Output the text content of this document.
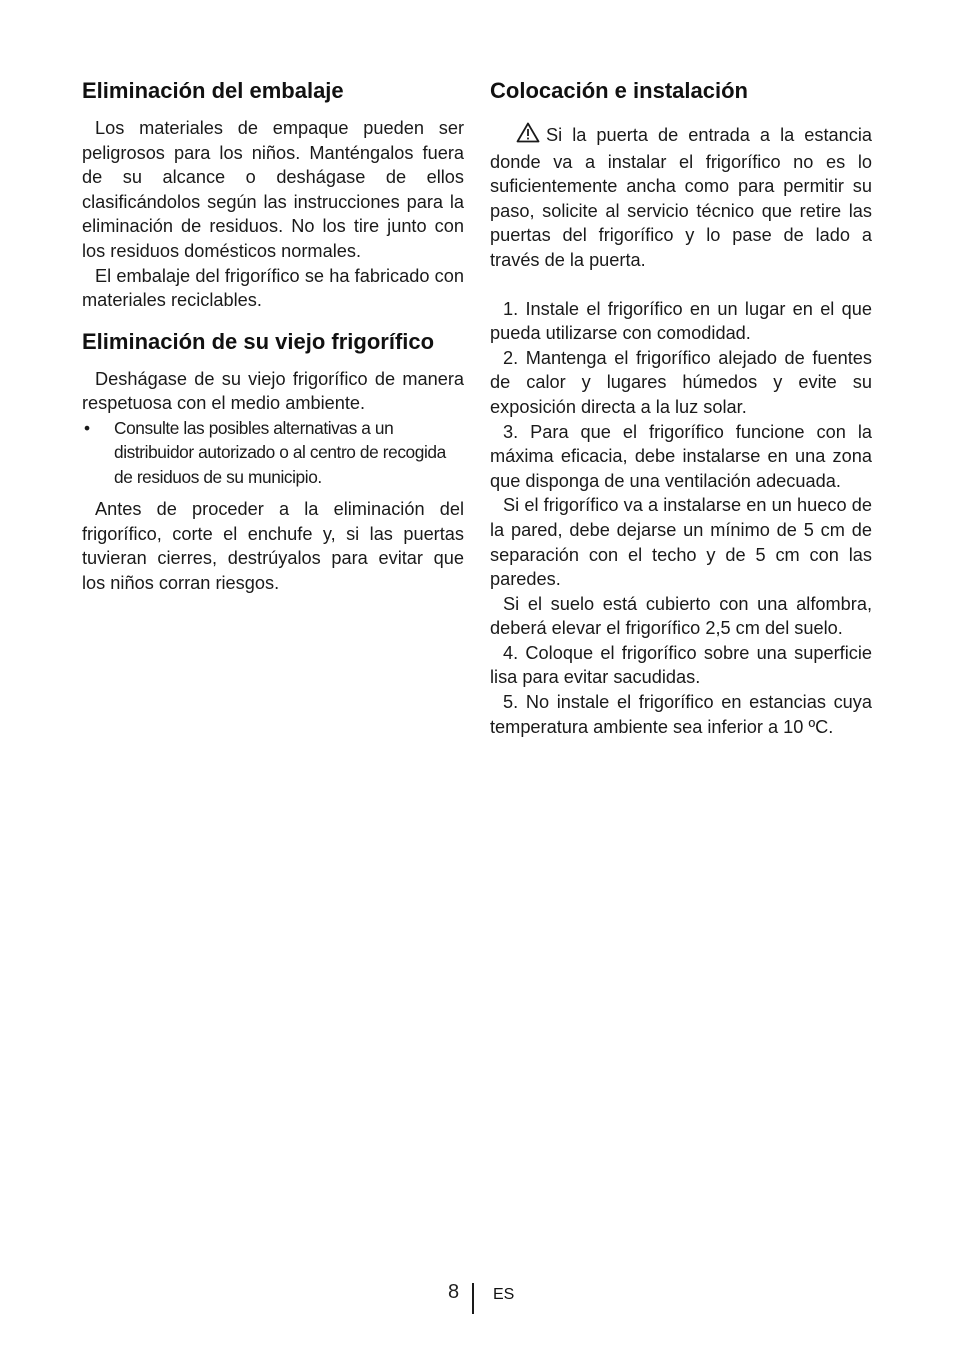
Eliminación del embalaje

Los materiales de empaque pueden ser peligrosos para los niños. Manténgalos fuera de su alcance o deshágase de ellos clasificándolos según las instrucciones para la eliminación de residuos. No los tire junto con los residuos domésticos normales.

El embalaje del frigorífico se ha fabricado con materiales reciclables.

Eliminación de su viejo frigorífico

Deshágase de su viejo frigorífico de manera respetuosa con el medio ambiente.

• Consulte las posibles alternativas a un distribuidor autorizado o al centro de recogida de residuos de su municipio.

Antes de proceder a la eliminación del frigorífico, corte el enchufe y, si las puertas tuvieran cierres, destrúyalos para evitar que los niños corran riesgos.

Colocación e instalación

Si la puerta de entrada a la estancia donde va a instalar el frigorífico no es lo suficientemente ancha como para permitir su paso, solicite al servicio técnico que retire las puertas del frigorífico y lo pase de lado a través de la puerta.

1. Instale el frigorífico en un lugar en el que pueda utilizarse con comodidad.

2. Mantenga el frigorífico alejado de fuentes de calor y lugares húmedos y evite su exposición directa a la luz solar.

3. Para que el frigorífico funcione con la máxima eficacia, debe instalarse en una zona que disponga de una ventilación adecuada.

Si el frigorífico va a instalarse en un hueco de la pared, debe dejarse un mínimo de 5 cm de separación con el techo y de 5 cm con las paredes.

Si el suelo está cubierto con una alfombra, deberá elevar el frigorífico 2,5 cm del suelo.

4. Coloque el frigorífico sobre una superficie lisa para evitar sacudidas.

5. No instale el frigorífico en estancias cuya temperatura ambiente sea inferior a 10 ºC.

8 ES
